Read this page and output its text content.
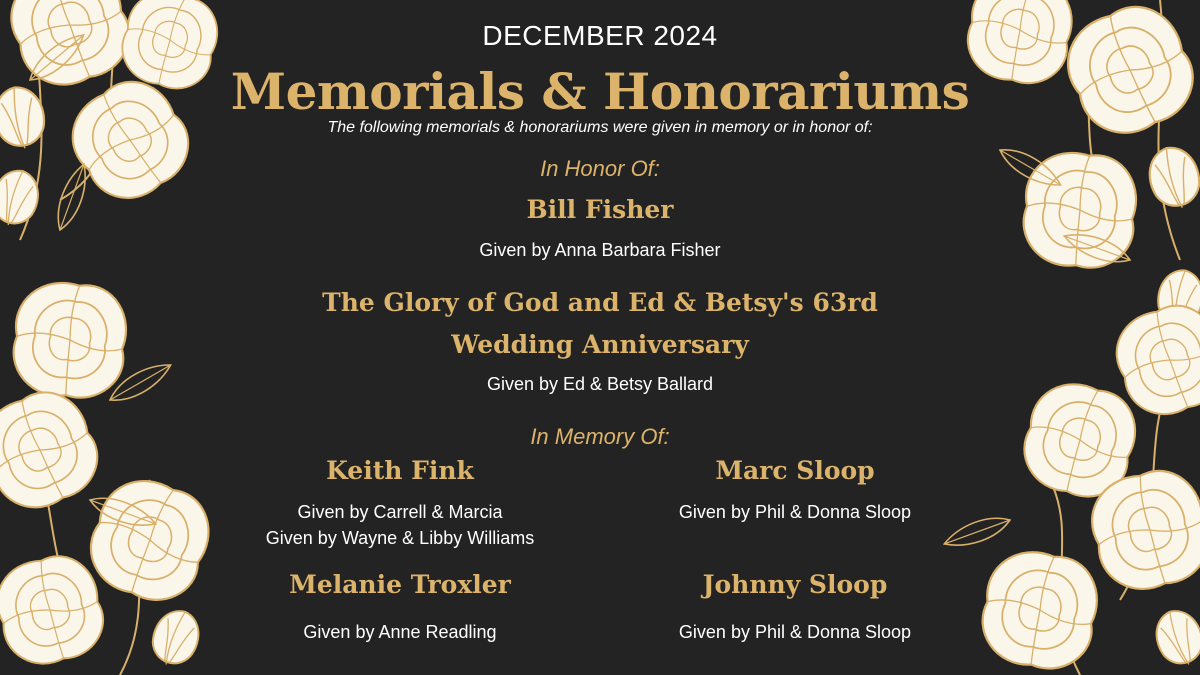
DECEMBER 2024

Memorials & Honorariums

The following memorials & honorariums were given in memory or in honor of:

In Honor Of:

Bill Fisher

Given by Anna Barbara Fisher

The Glory of God and Ed & Betsy's 63rd

Wedding Anniversary

Given by Ed & Betsy Ballard

In Memory Of:

Keith Fink

Given by Carrell & Marcia

Given by Wayne & Libby Williams

Marc Sloop

Given by Phil & Donna Sloop

Melanie Troxler

Given by Anne Readling

Johnny Sloop

Given by Phil & Donna Sloop
